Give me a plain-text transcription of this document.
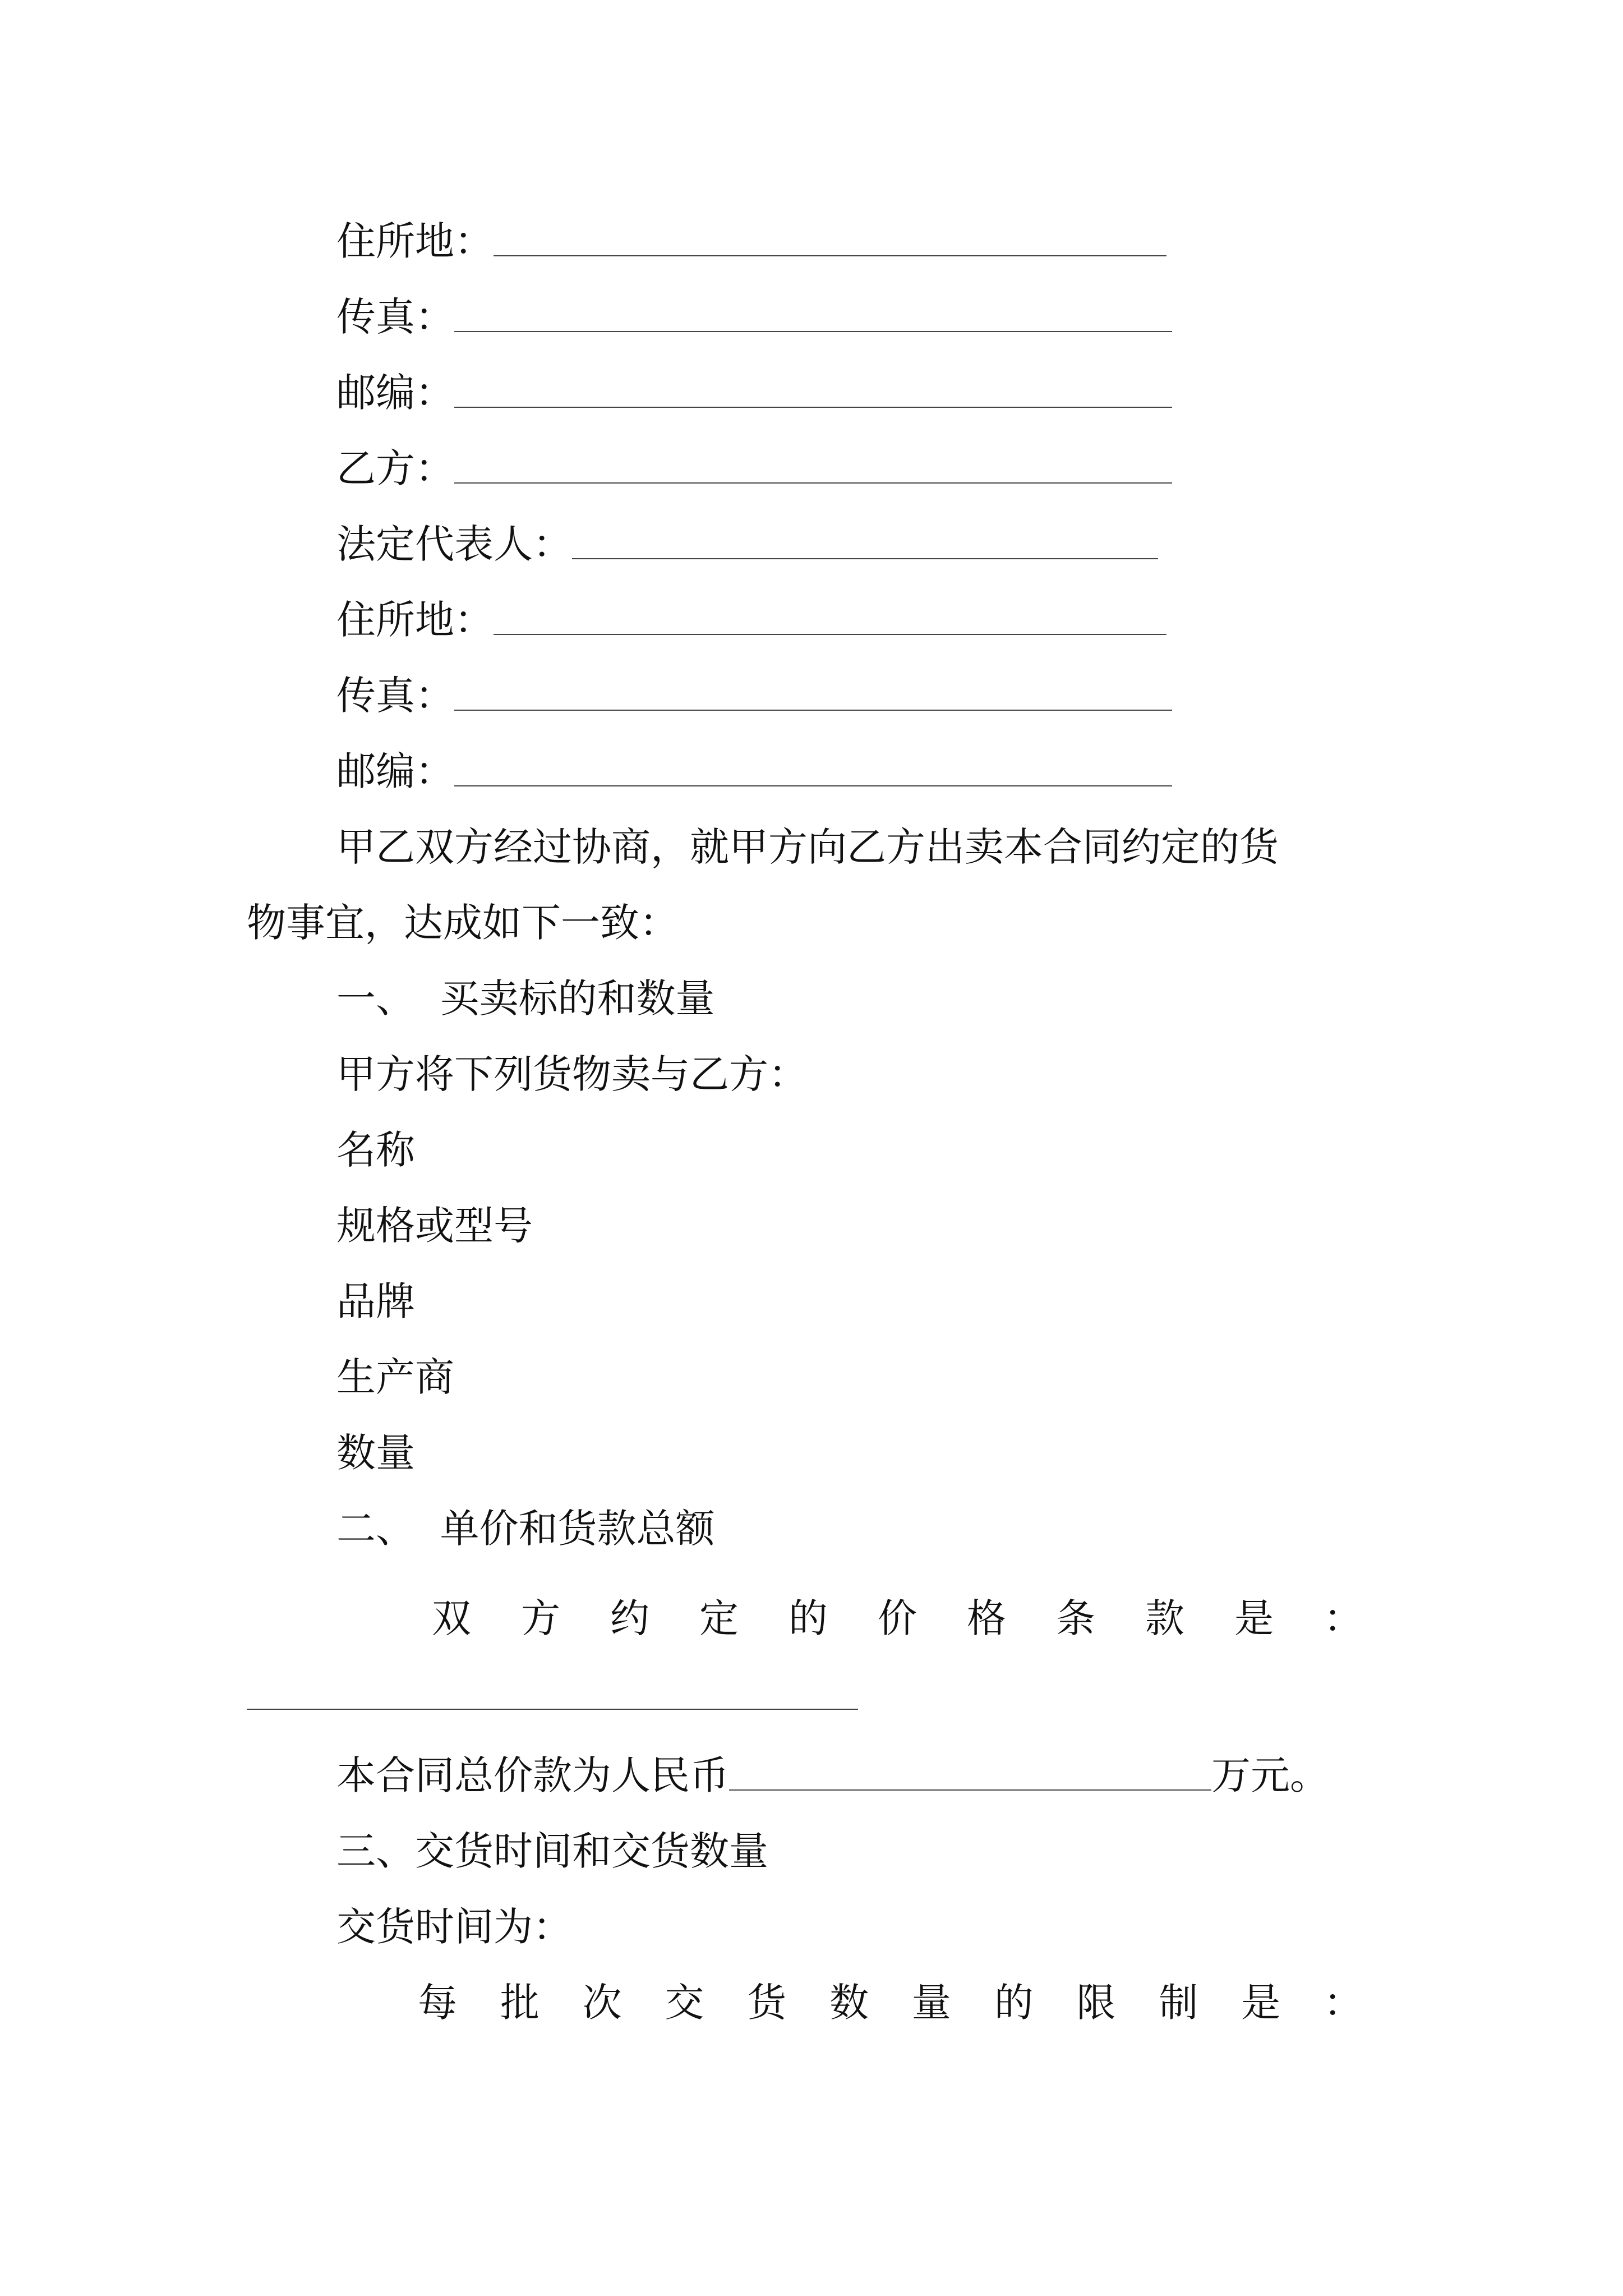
住所地：
传真：
邮编：
乙方：
法定代表人：
住所地：
传真：
邮编：
甲乙双方经过协商，就甲方向乙方出卖本合同约定的货
物事宜，达成如下一致：
一、  买卖标的和数量
甲方将下列货物卖与乙方：
名称
规格或型号
品牌
生产商
数量
二、  单价和货款总额
双 方 约 定 的 价 格 条 款 是 ：
本合同总价款为人民币	万元。
三、交货时间和交货数量
交货时间为：
每 批 次 交 货 数 量 的 限 制 是 ：
